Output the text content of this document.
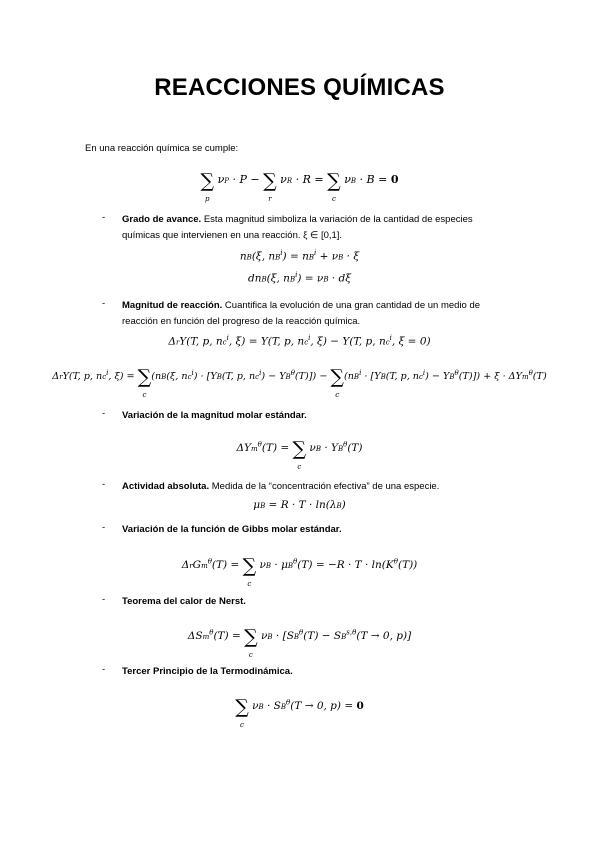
REACCIONES QUÍMICAS
En una reacción química se cumple:
∑
p
νP · P − ∑
r
νR · R = ∑
c
νB · B = 0
- Grado de avance. Esta magnitud simboliza la variación de la cantidad de especies químicas que intervienen en una reacción. ξ ∈ [0,1].
nB(ξ, $nB^i) = nB^i + \nu B \cdot \xi$
dnB(ξ, $nB^i) = \nu B \cdot d\xi$
- Magnitud de reacción. Cuantifica la evolución de una gran cantidad de un medio de reacción en función del progreso de la reacción química.
ΔrY(T, p, $nc^i$, ξ) = Y(T, p, $nc^i$, ξ) − Y(T, p, $nc^i$, ξ = 0)
ΔrY(T, p, $nc^i$, ξ) = ∑
c
(nB(ξ, $nc^i) \cdot [YB(T$, p, $nc^i) - YB^\theta(T)$]) − ∑
c
($nB^i \cdot [YB(T$, p, $nc^i) - YB^\theta(T)]) + \xi \cdot \Delta Ym^\theta(T)$
- Variación de la magnitud molar estándar.
ΔYm$^\theta$(T) = ∑
c
$\nu B \cdot YB^\theta(T)$
- Actividad absoluta. Medida de la “concentración efectiva” de una especie.
μB = R · T · ln(λB)
- Variación de la función de Gibbs molar estándar.
ΔrGm$^\theta$(T) = ∑
c
$\nu B \cdot \mu B^\theta(T) = -R \cdot T \cdot \ln(K^\theta(T))$
- Teorema del calor de Nerst.
ΔSm$^\theta$(T) = ∑
c
$\nu B \cdot [SB^\theta(T) - SB^{s,\theta}(T \to 0$, p)]
- Tercer Principio de la Termodinámica.
∑
c
$\nu B \cdot SB^\theta(T \to 0$, p) = 0
